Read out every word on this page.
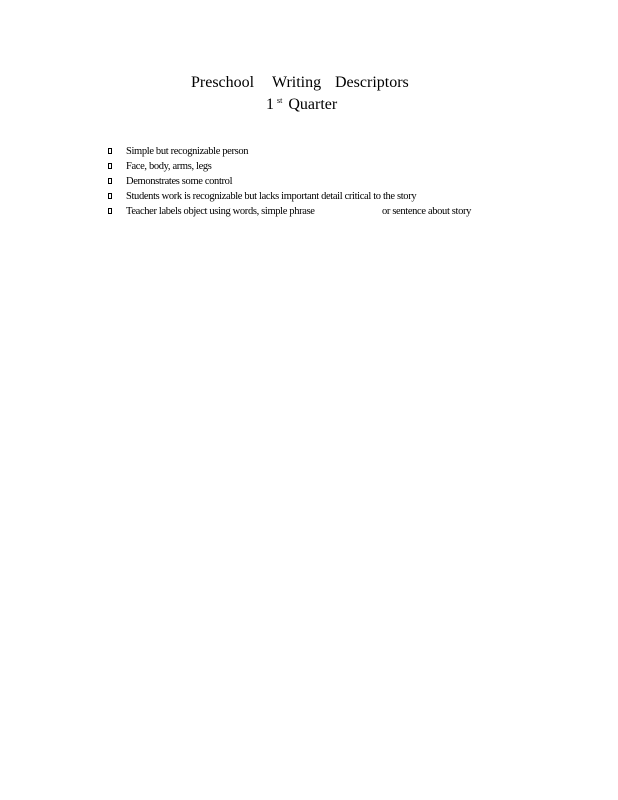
Preschool Writing Descriptors
1 $^{st}$ Quarter
Simple but recognizable person
Face, body, arms, legs
Demonstrates some control
Students work is recognizable but lacks important detail critical to the story
Teacher labels object using words, simple phrase	or sentence about story
